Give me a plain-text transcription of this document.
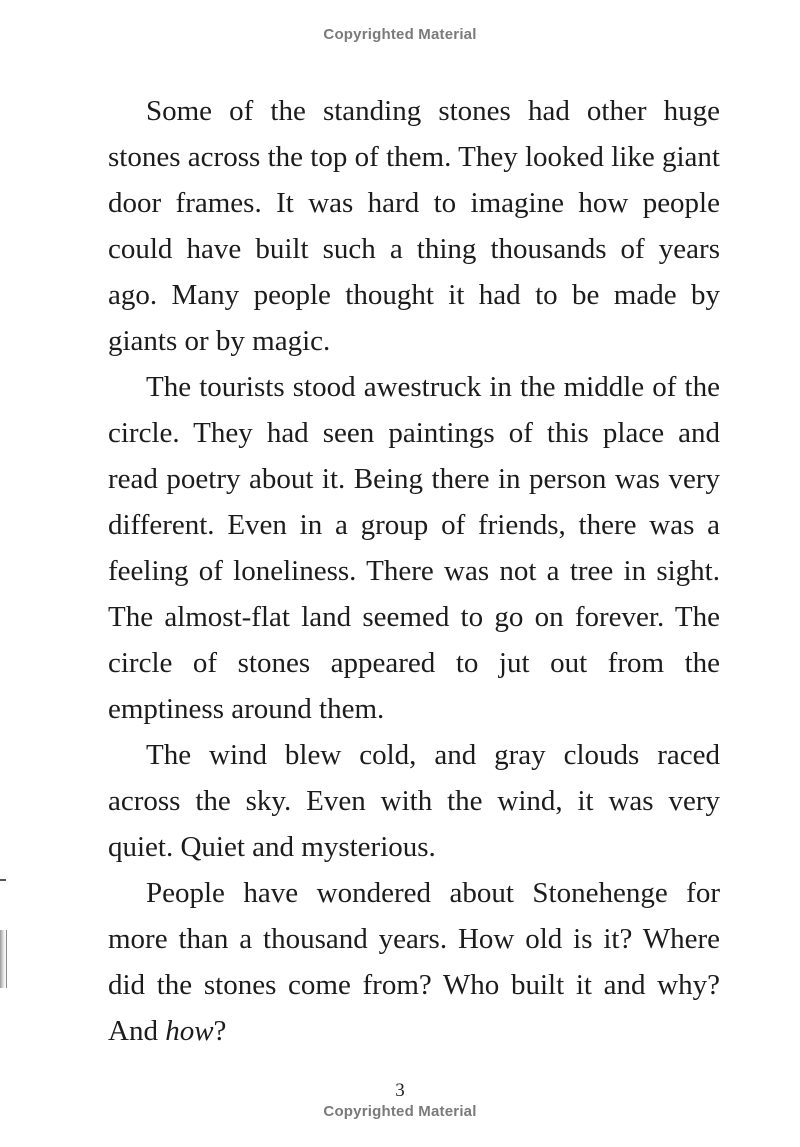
Copyrighted Material

Some of the standing stones had other huge stones across the top of them. They looked like giant door frames. It was hard to imagine how people could have built such a thing thousands of years ago. Many people thought it had to be made by giants or by magic.

The tourists stood awestruck in the middle of the circle. They had seen paintings of this place and read poetry about it. Being there in person was very different. Even in a group of friends, there was a feeling of loneliness. There was not a tree in sight. The almost-flat land seemed to go on forever. The circle of stones appeared to jut out from the emptiness around them.

The wind blew cold, and gray clouds raced across the sky. Even with the wind, it was very quiet. Quiet and mysterious.

People have wondered about Stonehenge for more than a thousand years. How old is it? Where did the stones come from? Who built it and why? And how?

3
Copyrighted Material
